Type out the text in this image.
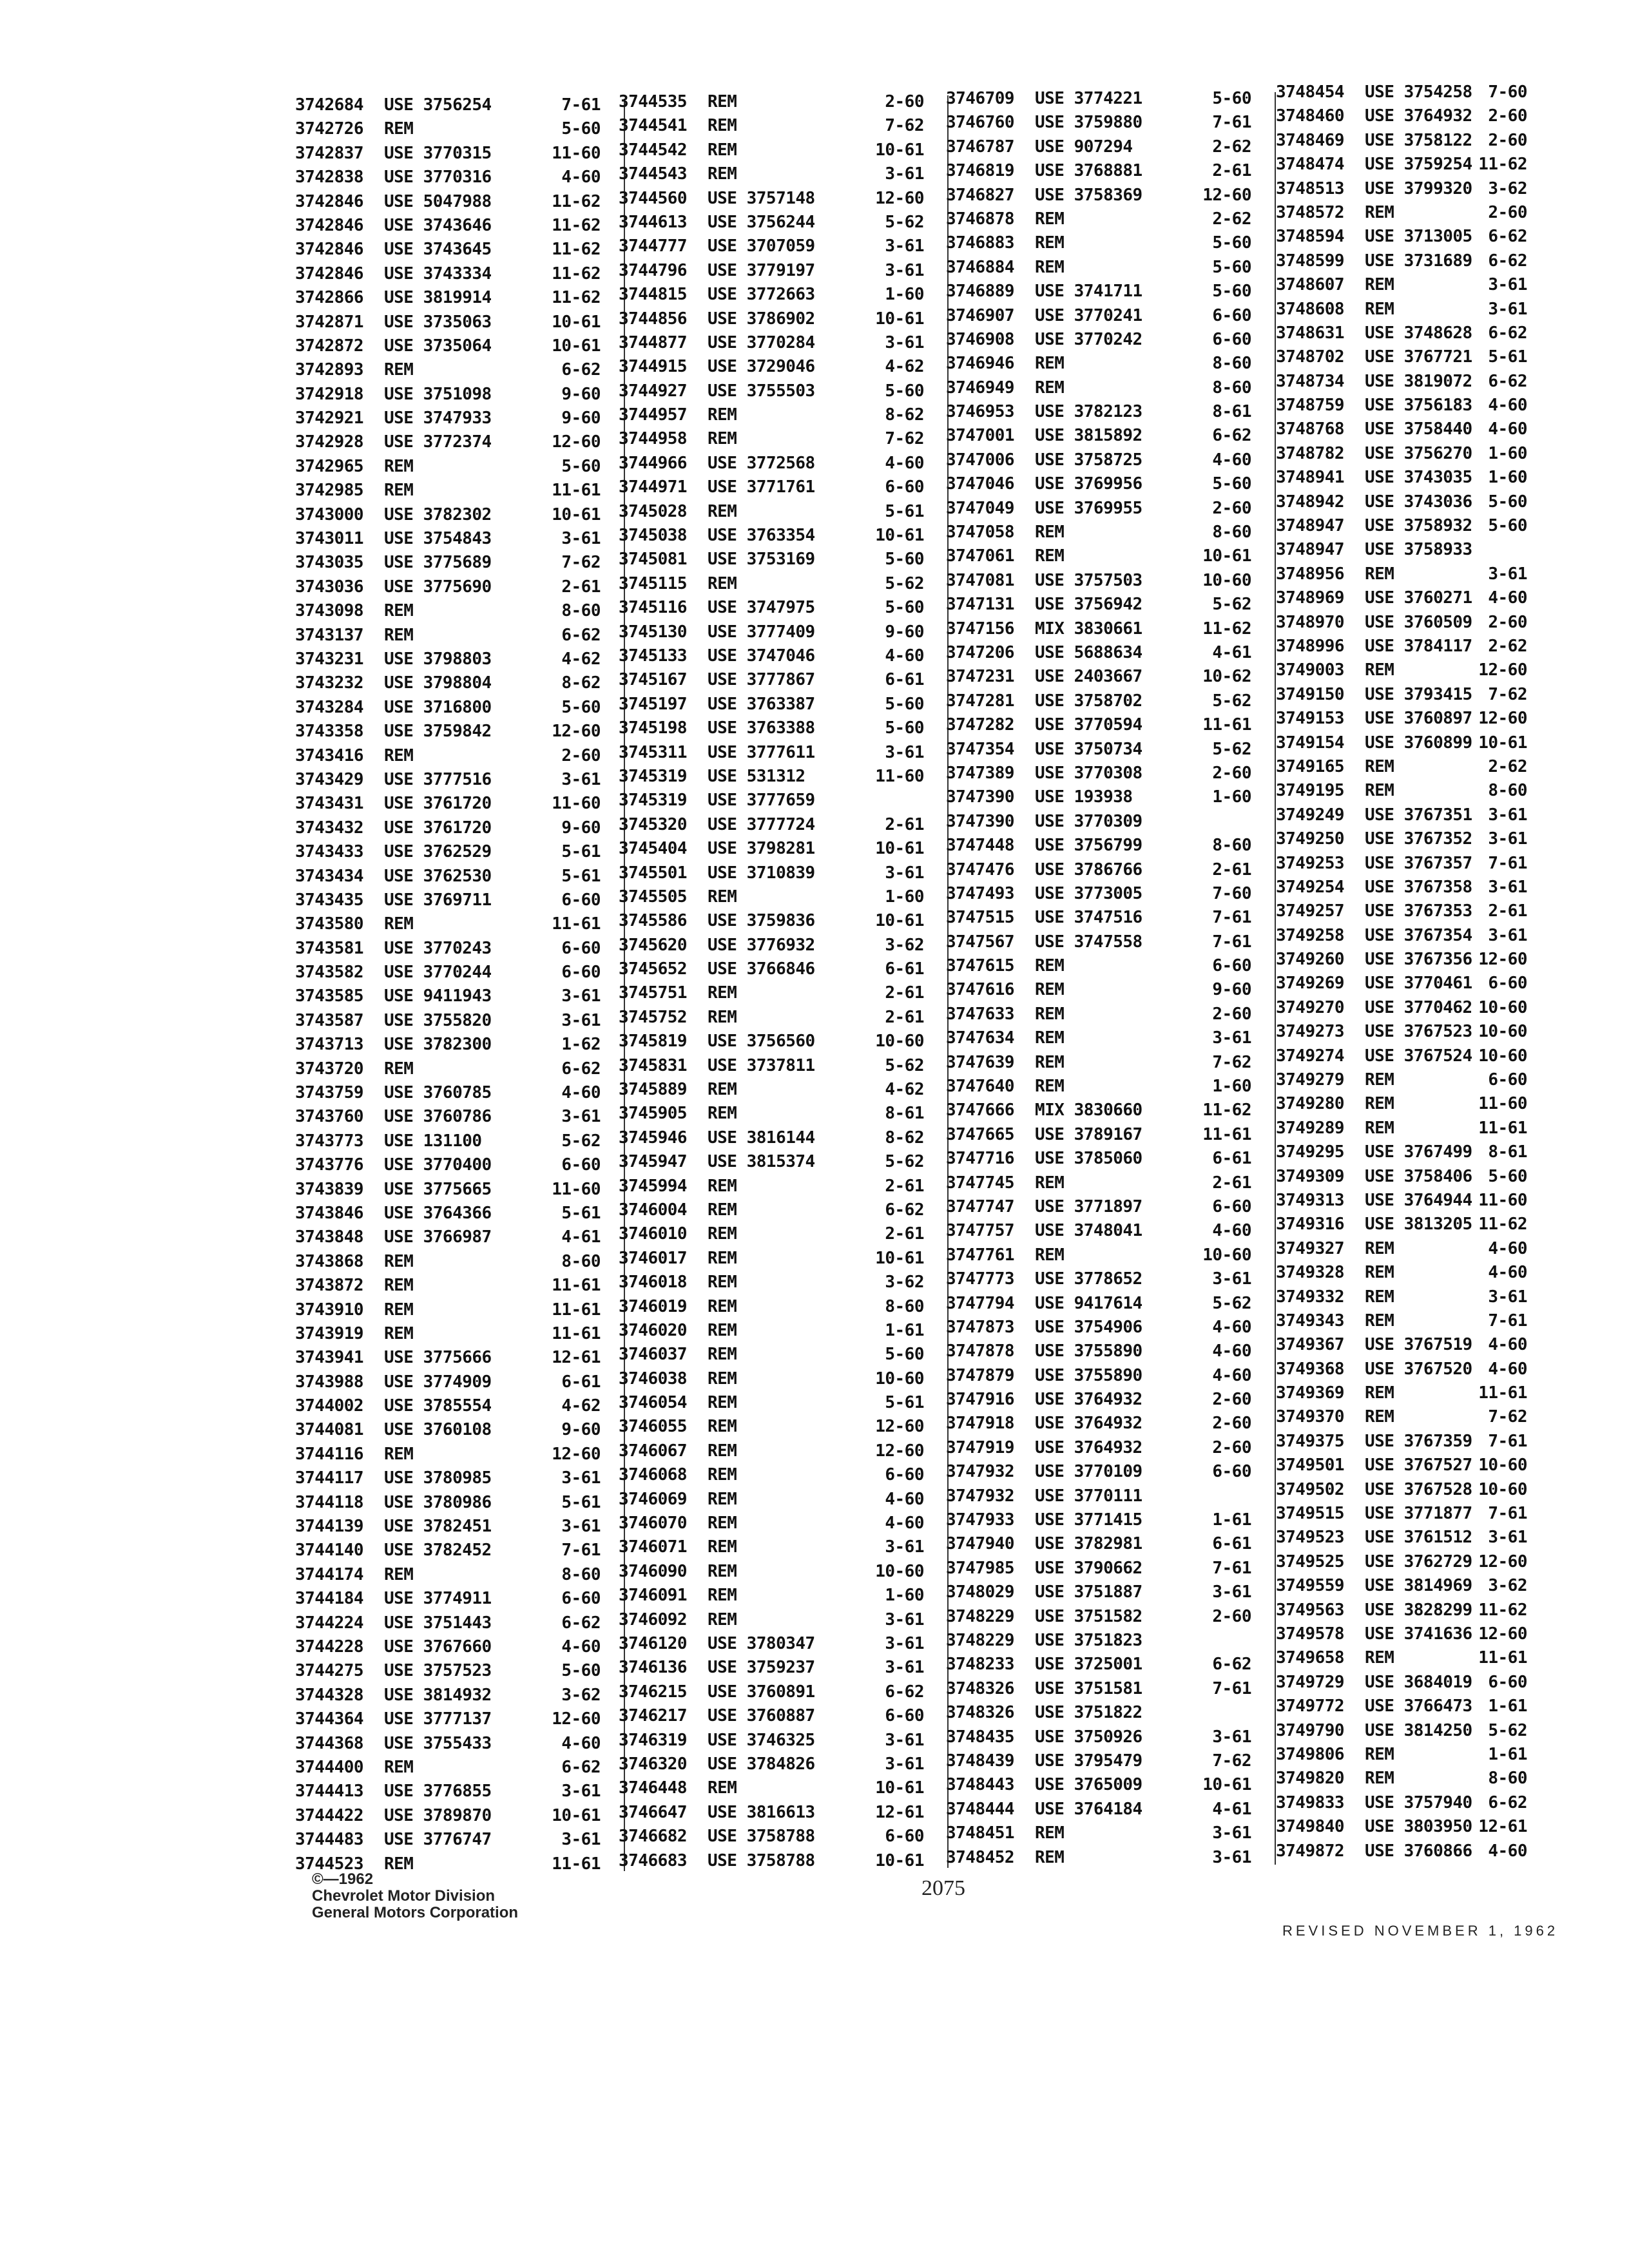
3742684 USE 3756254	7-61
3742726 REM	5-60
3742837 USE 3770315	11-60
3742838 USE 3770316	4-60
3742846 USE 5047988	11-62
3742846 USE 3743646	11-62
3742846 USE 3743645	11-62
3742846 USE 3743334	11-62
3742866 USE 3819914	11-62
3742871 USE 3735063	10-61
3742872 USE 3735064	10-61
3742893 REM	6-62
3742918 USE 3751098	9-60
3742921 USE 3747933	9-60
3742928 USE 3772374	12-60
3742965 REM	5-60
3742985 REM	11-61
3743000 USE 3782302	10-61
3743011 USE 3754843	3-61
3743035 USE 3775689	7-62
3743036 USE 3775690	2-61
3743098 REM	8-60
3743137 REM	6-62
3743231 USE 3798803	4-62
3743232 USE 3798804	8-62
3743284 USE 3716800	5-60
3743358 USE 3759842	12-60
3743416 REM	2-60
3743429 USE 3777516	3-61
3743431 USE 3761720	11-60
3743432 USE 3761720	9-60
3743433 USE 3762529	5-61
3743434 USE 3762530	5-61
3743435 USE 3769711	6-60
3743580 REM	11-61
3743581 USE 3770243	6-60
3743582 USE 3770244	6-60
3743585 USE 9411943	3-61
3743587 USE 3755820	3-61
3743713 USE 3782300	1-62
3743720 REM	6-62
3743759 USE 3760785	4-60
3743760 USE 3760786	3-61
3743773 USE 131100	5-62
3743776 USE 3770400	6-60
3743839 USE 3775665	11-60
3743846 USE 3764366	5-61
3743848 USE 3766987	4-61
3743868 REM	8-60
3743872 REM	11-61
3743910 REM	11-61
3743919 REM	11-61
3743941 USE 3775666	12-61
3743988 USE 3774909	6-61
3744002 USE 3785554	4-62
3744081 USE 3760108	9-60
3744116 REM	12-60
3744117 USE 3780985	3-61
3744118 USE 3780986	5-61
3744139 USE 3782451	3-61
3744140 USE 3782452	7-61
3744174 REM	8-60
3744184 USE 3774911	6-60
3744224 USE 3751443	6-62
3744228 USE 3767660	4-60
3744275 USE 3757523	5-60
3744328 USE 3814932	3-62
3744364 USE 3777137	12-60
3744368 USE 3755433	4-60
3744400 REM	6-62
3744413 USE 3776855	3-61
3744422 USE 3789870	10-61
3744483 USE 3776747	3-61
3744523 REM	11-61
3744535 REM	2-60
3744541 REM	7-62
3744542 REM	10-61
3744543 REM	3-61
3744560 USE 3757148	12-60
3744613 USE 3756244	5-62
3744777 USE 3707059	3-61
3744796 USE 3779197	3-61
3744815 USE 3772663	1-60
3744856 USE 3786902	10-61
3744877 USE 3770284	3-61
3744915 USE 3729046	4-62
3744927 USE 3755503	5-60
3744957 REM	8-62
3744958 REM	7-62
3744966 USE 3772568	4-60
3744971 USE 3771761	6-60
3745028 REM	5-61
3745038 USE 3763354	10-61
3745081 USE 3753169	5-60
3745115 REM	5-62
3745116 USE 3747975	5-60
3745130 USE 3777409	9-60
3745133 USE 3747046	4-60
3745167 USE 3777867	6-61
3745197 USE 3763387	5-60
3745198 USE 3763388	5-60
3745311 USE 3777611	3-61
3745319 USE 531312	11-60
3745319 USE 3777659
3745320 USE 3777724	2-61
3745404 USE 3798281	10-61
3745501 USE 3710839	3-61
3745505 REM	1-60
3745586 USE 3759836	10-61
3745620 USE 3776932	3-62
3745652 USE 3766846	6-61
3745751 REM	2-61
3745752 REM	2-61
3745819 USE 3756560	10-60
3745831 USE 3737811	5-62
3745889 REM	4-62
3745905 REM	8-61
3745946 USE 3816144	8-62
3745947 USE 3815374	5-62
3745994 REM	2-61
3746004 REM	6-62
3746010 REM	2-61
3746017 REM	10-61
3746018 REM	3-62
3746019 REM	8-60
3746020 REM	1-61
3746037 REM	5-60
3746038 REM	10-60
3746054 REM	5-61
3746055 REM	12-60
3746067 REM	12-60
3746068 REM	6-60
3746069 REM	4-60
3746070 REM	4-60
3746071 REM	3-61
3746090 REM	10-60
3746091 REM	1-60
3746092 REM	3-61
3746120 USE 3780347	3-61
3746136 USE 3759237	3-61
3746215 USE 3760891	6-62
3746217 USE 3760887	6-60
3746319 USE 3746325	3-61
3746320 USE 3784826	3-61
3746448 REM	10-61
3746647 USE 3816613	12-61
3746682 USE 3758788	6-60
3746683 USE 3758788	10-61
3746709 USE 3774221	5-60
3746760 USE 3759880	7-61
3746787 USE 907294	2-62
3746819 USE 3768881	2-61
3746827 USE 3758369	12-60
3746878 REM	2-62
3746883 REM	5-60
3746884 REM	5-60
3746889 USE 3741711	5-60
3746907 USE 3770241	6-60
3746908 USE 3770242	6-60
3746946 REM	8-60
3746949 REM	8-60
3746953 USE 3782123	8-61
3747001 USE 3815892	6-62
3747006 USE 3758725	4-60
3747046 USE 3769956	5-60
3747049 USE 3769955	2-60
3747058 REM	8-60
3747061 REM	10-61
3747081 USE 3757503	10-60
3747131 USE 3756942	5-62
3747156 MIX 3830661	11-62
3747206 USE 5688634	4-61
3747231 USE 2403667	10-62
3747281 USE 3758702	5-62
3747282 USE 3770594	11-61
3747354 USE 3750734	5-62
3747389 USE 3770308	2-60
3747390 USE 193938	1-60
3747390 USE 3770309
3747448 USE 3756799	8-60
3747476 USE 3786766	2-61
3747493 USE 3773005	7-60
3747515 USE 3747516	7-61
3747567 USE 3747558	7-61
3747615 REM	6-60
3747616 REM	9-60
3747633 REM	2-60
3747634 REM	3-61
3747639 REM	7-62
3747640 REM	1-60
3747666 MIX 3830660	11-62
3747665 USE 3789167	11-61
3747716 USE 3785060	6-61
3747745 REM	2-61
3747747 USE 3771897	6-60
3747757 USE 3748041	4-60
3747761 REM	10-60
3747773 USE 3778652	3-61
3747794 USE 9417614	5-62
3747873 USE 3754906	4-60
3747878 USE 3755890	4-60
3747879 USE 3755890	4-60
3747916 USE 3764932	2-60
3747918 USE 3764932	2-60
3747919 USE 3764932	2-60
3747932 USE 3770109	6-60
3747932 USE 3770111
3747933 USE 3771415	1-61
3747940 USE 3782981	6-61
3747985 USE 3790662	7-61
3748029 USE 3751887	3-61
3748229 USE 3751582	2-60
3748229 USE 3751823
3748233 USE 3725001	6-62
3748326 USE 3751581	7-61
3748326 USE 3751822
3748435 USE 3750926	3-61
3748439 USE 3795479	7-62
3748443 USE 3765009	10-61
3748444 USE 3764184	4-61
3748451 REM	3-61
3748452 REM	3-61
3748454 USE 3754258 7-60
3748460 USE 3764932 2-60
3748469 USE 3758122 2-60
3748474 USE 3759254 11-62
3748513 USE 3799320 3-62
3748572 REM	2-60
3748594 USE 3713005 6-62
3748599 USE 3731689 6-62
3748607 REM	3-61
3748608 REM	3-61
3748631 USE 3748628 6-62
3748702 USE 3767721 5-61
3748734 USE 3819072 6-62
3748759 USE 3756183 4-60
3748768 USE 3758440 4-60
3748782 USE 3756270 1-60
3748941 USE 3743035 1-60
3748942 USE 3743036 5-60
3748947 USE 3758932 5-60
3748947 USE 3758933
3748956 REM	3-61
3748969 USE 3760271 4-60
3748970 USE 3760509 2-60
3748996 USE 3784117 2-62
3749003 REM	12-60
3749150 USE 3793415 7-62
3749153 USE 3760897 12-60
3749154 USE 3760899 10-61
3749165 REM	2-62
3749195 REM	8-60
3749249 USE 3767351 3-61
3749250 USE 3767352 3-61
3749253 USE 3767357 7-61
3749254 USE 3767358 3-61
3749257 USE 3767353 2-61
3749258 USE 3767354 3-61
3749260 USE 3767356 12-60
3749269 USE 3770461 6-60
3749270 USE 3770462 10-60
3749273 USE 3767523 10-60
3749274 USE 3767524 10-60
3749279 REM	6-60
3749280 REM	11-60
3749289 REM	11-61
3749295 USE 3767499 8-61
3749309 USE 3758406 5-60
3749313 USE 3764944 11-60
3749316 USE 3813205 11-62
3749327 REM	4-60
3749328 REM	4-60
3749332 REM	3-61
3749343 REM	7-61
3749367 USE 3767519 4-60
3749368 USE 3767520 4-60
3749369 REM	11-61
3749370 REM	7-62
3749375 USE 3767359 7-61
3749501 USE 3767527 10-60
3749502 USE 3767528 10-60
3749515 USE 3771877 7-61
3749523 USE 3761512 3-61
3749525 USE 3762729 12-60
3749559 USE 3814969 3-62
3749563 USE 3828299 11-62
3749578 USE 3741636 12-60
3749658 REM	11-61
3749729 USE 3684019 6-60
3749772 USE 3766473 1-61
3749790 USE 3814250 5-62
3749806 REM	1-61
3749820 REM	8-60
3749833 USE 3757940 6-62
3749840 USE 3803950 12-61
3749872 USE 3760866 4-60
©—1962
Chevrolet Motor Division
General Motors Corporation
2075
REVISED NOVEMBER 1, 1962
